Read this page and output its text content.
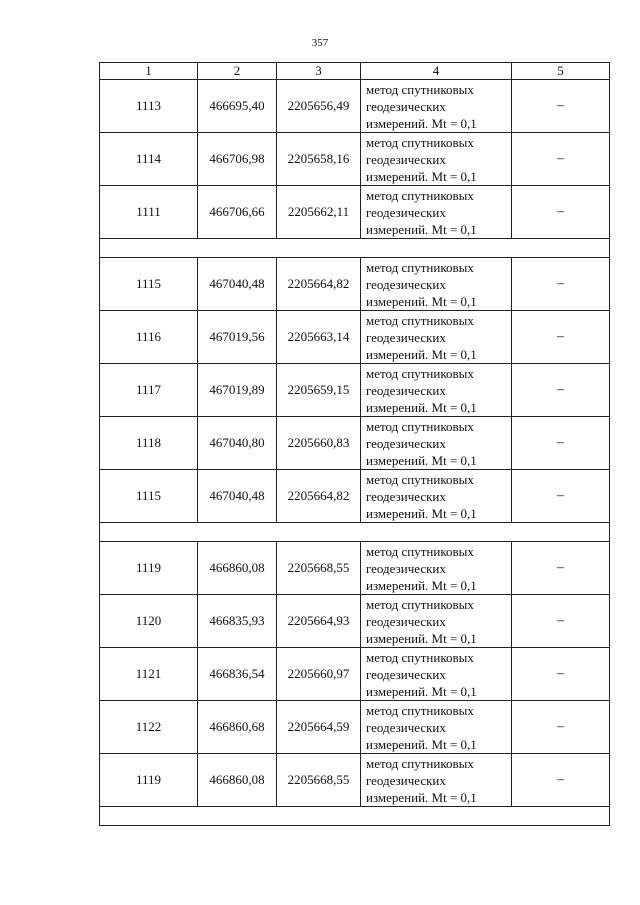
357
1	2	3	4	5
1113	466695,40	2205656,49	метод спутниковых
геодезических
измерений. Mt = 0,1	–
1114	466706,98	2205658,16	метод спутниковых
геодезических
измерений. Mt = 0,1	–
1111	466706,66	2205662,11	метод спутниковых
геодезических
измерений. Mt = 0,1	–

1115	467040,48	2205664,82	метод спутниковых
геодезических
измерений. Mt = 0,1	–
1116	467019,56	2205663,14	метод спутниковых
геодезических
измерений. Mt = 0,1	–
1117	467019,89	2205659,15	метод спутниковых
геодезических
измерений. Mt = 0,1	–
1118	467040,80	2205660,83	метод спутниковых
геодезических
измерений. Mt = 0,1	–
1115	467040,48	2205664,82	метод спутниковых
геодезических
измерений. Mt = 0,1	–

1119	466860,08	2205668,55	метод спутниковых
геодезических
измерений. Mt = 0,1	–
1120	466835,93	2205664,93	метод спутниковых
геодезических
измерений. Mt = 0,1	–
1121	466836,54	2205660,97	метод спутниковых
геодезических
измерений. Mt = 0,1	–
1122	466860,68	2205664,59	метод спутниковых
геодезических
измерений. Mt = 0,1	–
1119	466860,08	2205668,55	метод спутниковых
геодезических
измерений. Mt = 0,1	–
